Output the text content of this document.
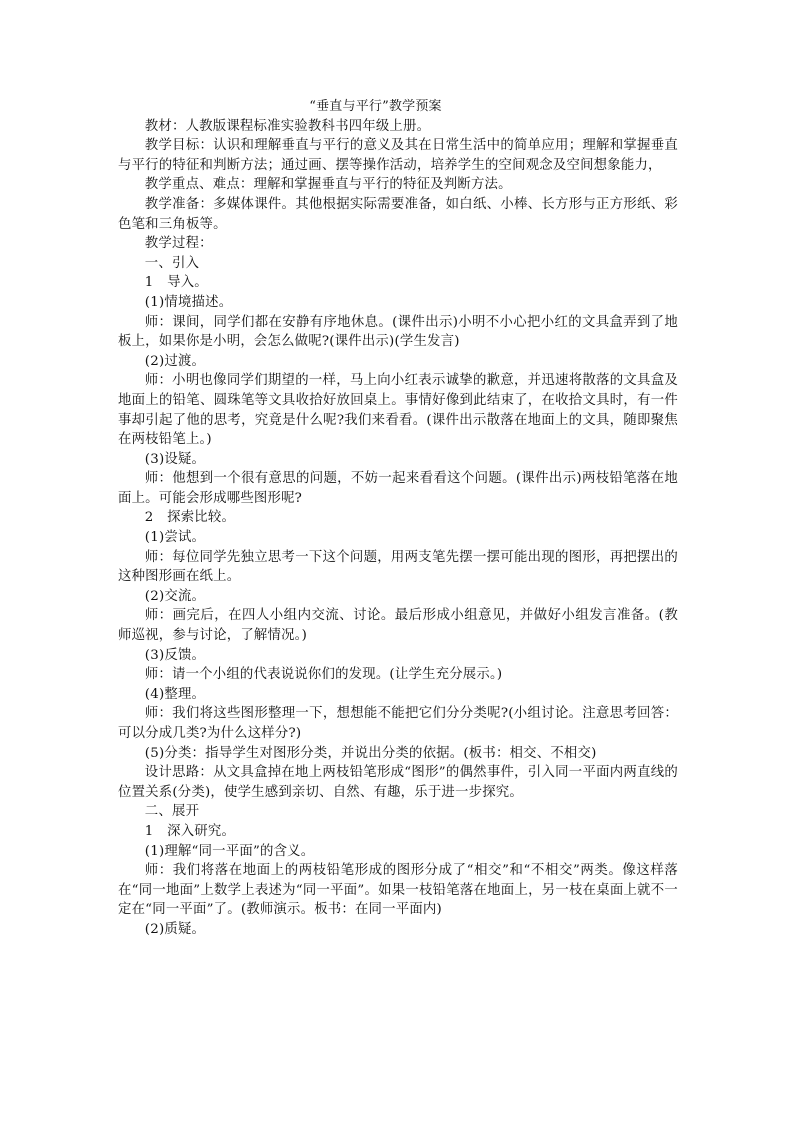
“垂直与平行”教学预案

教材：人教版课程标准实验教科书四年级上册。

教学目标：认识和理解垂直与平行的意义及其在日常生活中的简单应用；理解和掌握垂直与平行的特征和判断方法；通过画、摆等操作活动，培养学生的空间观念及空间想象能力，

教学重点、难点：理解和掌握垂直与平行的特征及判断方法。

教学准备：多媒体课件。其他根据实际需要准备，如白纸、小棒、长方形与正方形纸、彩色笔和三角板等。

教学过程：

一、引入

1　导入。

(1)情境描述。

师：课间，同学们都在安静有序地休息。(课件出示)小明不小心把小红的文具盒弄到了地板上，如果你是小明，会怎么做呢?(课件出示)(学生发言)

(2)过渡。

师：小明也像同学们期望的一样，马上向小红表示诚挚的歉意，并迅速将散落的文具盒及地面上的铅笔、圆珠笔等文具收拾好放回桌上。事情好像到此结束了，在收拾文具时，有一件事却引起了他的思考，究竟是什么呢?我们来看看。(课件出示散落在地面上的文具，随即聚焦在两枝铅笔上。)

(3)设疑。

师：他想到一个很有意思的问题，不妨一起来看看这个问题。(课件出示)两枝铅笔落在地面上。可能会形成哪些图形呢?

2　探索比较。

(1)尝试。

师：每位同学先独立思考一下这个问题，用两支笔先摆一摆可能出现的图形，再把摆出的这种图形画在纸上。

(2)交流。

师：画完后，在四人小组内交流、讨论。最后形成小组意见，并做好小组发言准备。(教师巡视，参与讨论，了解情况。)

(3)反馈。

师：请一个小组的代表说说你们的发现。(让学生充分展示。)

(4)整理。

师：我们将这些图形整理一下，想想能不能把它们分分类呢?(小组讨论。注意思考回答：可以分成几类?为什么这样分?)

(5)分类：指导学生对图形分类，并说出分类的依据。(板书：相交、不相交)

设计思路：从文具盒掉在地上两枝铅笔形成“图形”的偶然事件，引入同一平面内两直线的位置关系(分类)，使学生感到亲切、自然、有趣，乐于进一步探究。

二、展开

1　深入研究。

(1)理解“同一平面”的含义。

师：我们将落在地面上的两枝铅笔形成的图形分成了“相交”和“不相交”两类。像这样落在“同一地面”上数学上表述为“同一平面”。如果一枝铅笔落在地面上，另一枝在桌面上就不一定在“同一平面”了。(教师演示。板书：在同一平面内)

(2)质疑。
